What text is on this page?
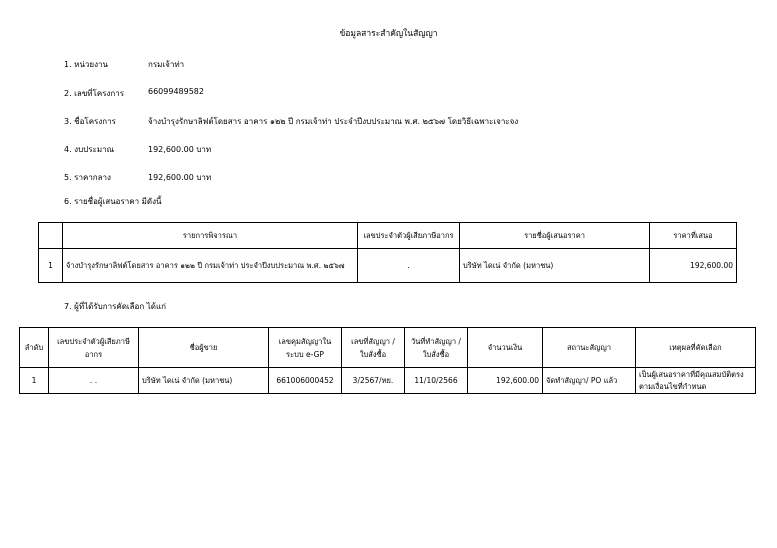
ข้อมูลสาระสำคัญในสัญญา
1. หน่วยงาน	กรมเจ้าท่า
2. เลขที่โครงการ	66099489582
3. ชื่อโครงการ	จ้างบำรุงรักษาลิฟต์โดยสาร อาคาร ๑๒๒ ปี กรมเจ้าท่า ประจำปีงบประมาณ พ.ศ. ๒๕๖๗ โดยวิธีเฉพาะเจาะจง
4. งบประมาณ	192,600.00 บาท
5. ราคากลาง	192,600.00 บาท
6. รายชื่อผู้เสนอราคา มีดังนี้
	รายการพิจารณา	เลขประจำตัวผู้เสียภาษีอากร	รายชื่อผู้เสนอราคา	ราคาที่เสนอ
1	จ้างบำรุงรักษาลิฟต์โดยสาร อาคาร ๑๒๒ ปี กรมเจ้าท่า ประจำปีงบประมาณ พ.ศ. ๒๕๖๗	.	บริษัท ไดเน่ จำกัด (มหาชน)	192,600.00
7. ผู้ที่ได้รับการคัดเลือก ได้แก่
ลำดับ	เลขประจำตัวผู้เสียภาษีอากร	ชื่อผู้ขาย	เลขคุมสัญญาในระบบ e-GP	เลขที่สัญญา / ใบสั่งซื้อ	วันที่ทำสัญญา / ใบสั่งซื้อ	จำนวนเงิน	สถานะสัญญา	เหตุผลที่คัดเลือก
1	. .	บริษัท ไดเน่ จำกัด (มหาชน)	661006000452	3/2567/ทย.	11/10/2566	192,600.00	จัดทำสัญญา/ PO แล้ว	เป็นผู้เสนอราคาที่มีคุณสมบัติตรงตามเงื่อนไขที่กำหนด
